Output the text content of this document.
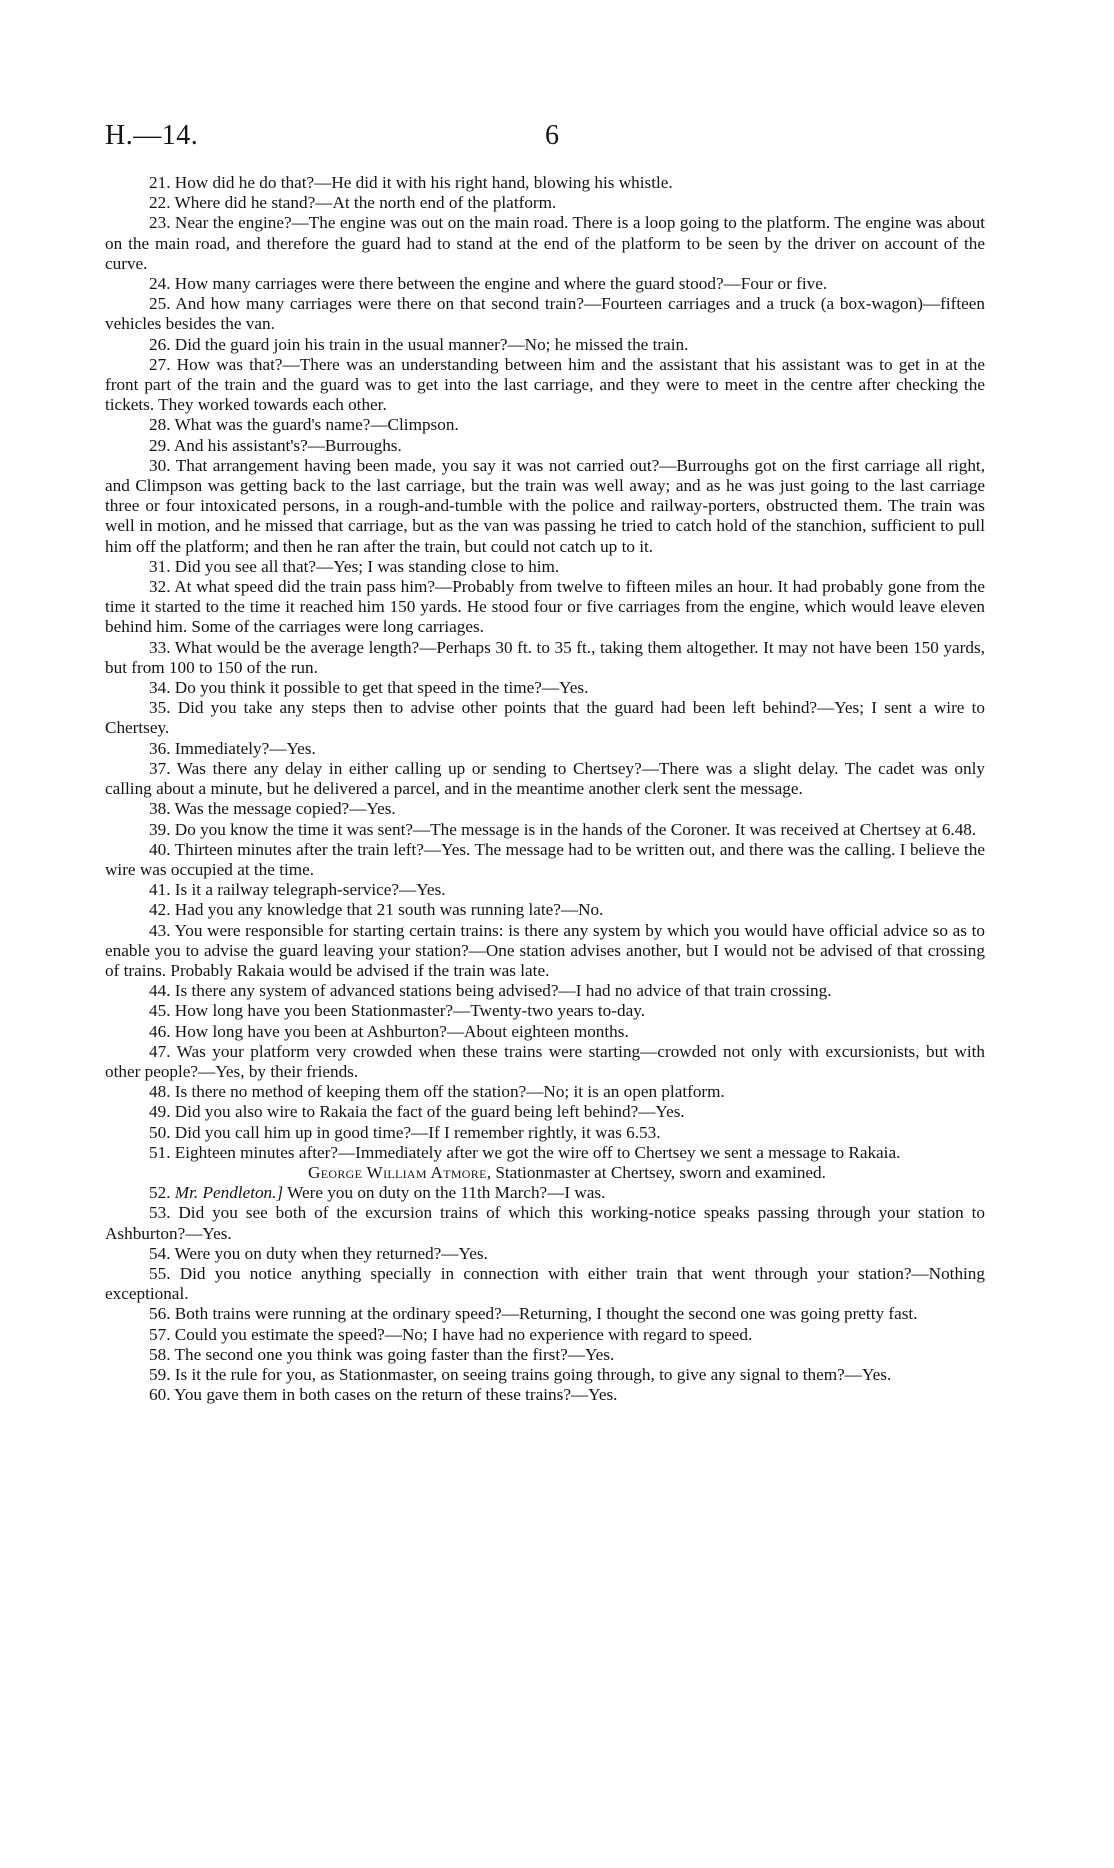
H.—14.	6

21. How did he do that?—He did it with his right hand, blowing his whistle.

22. Where did he stand?—At the north end of the platform.

23. Near the engine?—The engine was out on the main road. There is a loop going to the platform. The engine was about on the main road, and therefore the guard had to stand at the end of the platform to be seen by the driver on account of the curve.

24. How many carriages were there between the engine and where the guard stood?—Four or five.

25. And how many carriages were there on that second train?—Fourteen carriages and a truck (a box-wagon)—fifteen vehicles besides the van.

26. Did the guard join his train in the usual manner?—No; he missed the train.

27. How was that?—There was an understanding between him and the assistant that his assistant was to get in at the front part of the train and the guard was to get into the last carriage, and they were to meet in the centre after checking the tickets. They worked towards each other.

28. What was the guard's name?—Climpson.

29. And his assistant's?—Burroughs.

30. That arrangement having been made, you say it was not carried out?—Burroughs got on the first carriage all right, and Climpson was getting back to the last carriage, but the train was well away; and as he was just going to the last carriage three or four intoxicated persons, in a rough-and-tumble with the police and railway-porters, obstructed them. The train was well in motion, and he missed that carriage, but as the van was passing he tried to catch hold of the stanchion, sufficient to pull him off the platform; and then he ran after the train, but could not catch up to it.

31. Did you see all that?—Yes; I was standing close to him.

32. At what speed did the train pass him?—Probably from twelve to fifteen miles an hour. It had probably gone from the time it started to the time it reached him 150 yards. He stood four or five carriages from the engine, which would leave eleven behind him. Some of the carriages were long carriages.

33. What would be the average length?—Perhaps 30 ft. to 35 ft., taking them altogether. It may not have been 150 yards, but from 100 to 150 of the run.

34. Do you think it possible to get that speed in the time?—Yes.

35. Did you take any steps then to advise other points that the guard had been left behind?—Yes; I sent a wire to Chertsey.

36. Immediately?—Yes.

37. Was there any delay in either calling up or sending to Chertsey?—There was a slight delay. The cadet was only calling about a minute, but he delivered a parcel, and in the meantime another clerk sent the message.

38. Was the message copied?—Yes.

39. Do you know the time it was sent?—The message is in the hands of the Coroner. It was received at Chertsey at 6.48.

40. Thirteen minutes after the train left?—Yes. The message had to be written out, and there was the calling. I believe the wire was occupied at the time.

41. Is it a railway telegraph-service?—Yes.

42. Had you any knowledge that 21 south was running late?—No.

43. You were responsible for starting certain trains: is there any system by which you would have official advice so as to enable you to advise the guard leaving your station?—One station advises another, but I would not be advised of that crossing of trains. Probably Rakaia would be advised if the train was late.

44. Is there any system of advanced stations being advised?—I had no advice of that train crossing.

45. How long have you been Stationmaster?—Twenty-two years to-day.

46. How long have you been at Ashburton?—About eighteen months.

47. Was your platform very crowded when these trains were starting—crowded not only with excursionists, but with other people?—Yes, by their friends.

48. Is there no method of keeping them off the station?—No; it is an open platform.

49. Did you also wire to Rakaia the fact of the guard being left behind?—Yes.

50. Did you call him up in good time?—If I remember rightly, it was 6.53.

51. Eighteen minutes after?—Immediately after we got the wire off to Chertsey we sent a message to Rakaia.

George William Atmore, Stationmaster at Chertsey, sworn and examined.

52. Mr. Pendleton.] Were you on duty on the 11th March?—I was.

53. Did you see both of the excursion trains of which this working-notice speaks passing through your station to Ashburton?—Yes.

54. Were you on duty when they returned?—Yes.

55. Did you notice anything specially in connection with either train that went through your station?—Nothing exceptional.

56. Both trains were running at the ordinary speed?—Returning, I thought the second one was going pretty fast.

57. Could you estimate the speed?—No; I have had no experience with regard to speed.

58. The second one you think was going faster than the first?—Yes.

59. Is it the rule for you, as Stationmaster, on seeing trains going through, to give any signal to them?—Yes.

60. You gave them in both cases on the return of these trains?—Yes.
